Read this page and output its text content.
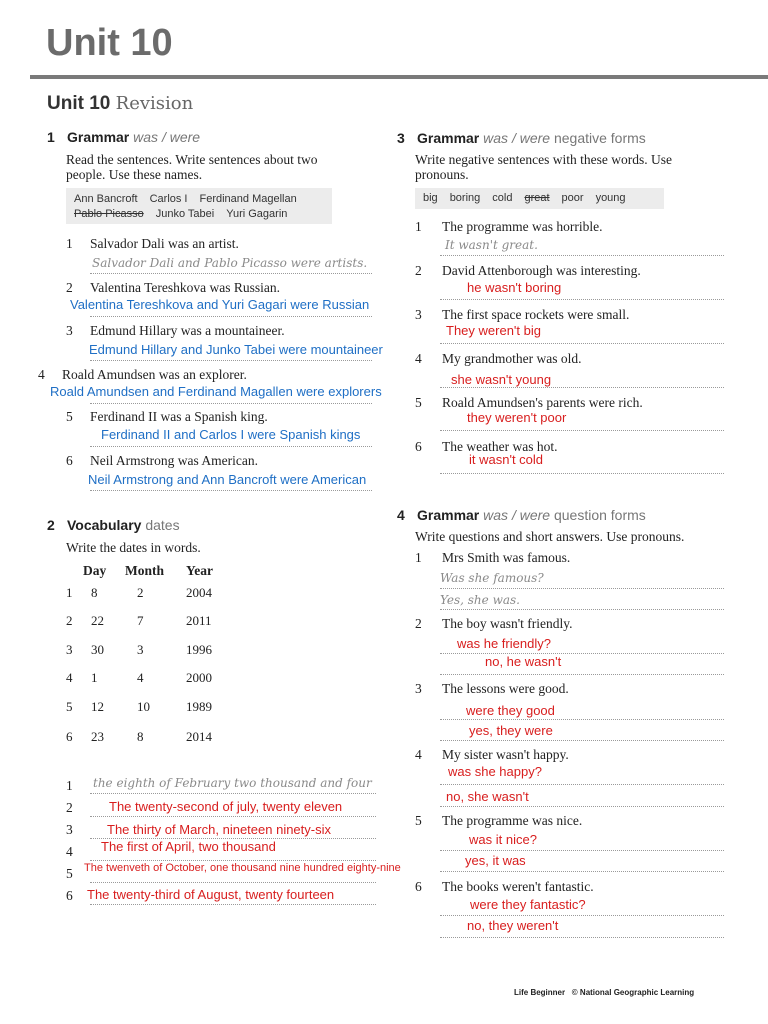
Unit 10
Unit 10 Revision
1 Grammar was / were
Read the sentences. Write sentences about two
people. Use these names.
Ann Bancroft Carlos I Ferdinand Magellan
Pablo Picasso Junko Tabei Yuri Gagarin
1	Salvador Dali was an artist.
Salvador Dali and Pablo Picasso were artists.
2	Valentina Tereshkova was Russian.
Valentina Tereshkova and Yuri Gagari were Russian
3	Edmund Hillary was a mountaineer.
Edmund Hillary and Junko Tabei were mountaineer
4	Roald Amundsen was an explorer.
Roald Amundsen and Ferdinand Magallen were explorers
5	Ferdinand II was a Spanish king.
Ferdinand II and Carlos I were Spanish kings
6	Neil Armstrong was American.
Neil Armstrong and Ann Bancroft were American
2 Vocabulary dates
Write the dates in words.
Day Month Year
1 8	2	2004
2 22	7	2011
3 30	3	1996
4 1	4	2000
5 12	10	1989
6 23	8	2014
1	the eighth of February two thousand and four
2	The twenty-second of july, twenty eleven
3	The thirty of March, nineteen ninety-six
4	The first of April, two thousand
5	The twenveth of October, one thousand nine hundred eighty-nine
6	The twenty-third of August, twenty fourteen
3 Grammar was / were negative forms
Write negative sentences with these words. Use
pronouns.
big boring cold great poor young
1	The programme was horrible.
It wasn't great.
2	David Attenborough was interesting.
he wasn't boring
3	The first space rockets were small.
They weren't big
4	My grandmother was old.
she wasn't young
5	Roald Amundsen's parents were rich.
they weren't poor
6	The weather was hot.
it wasn't cold
4 Grammar was / were question forms
Write questions and short answers. Use pronouns.
1	Mrs Smith was famous.
Was she famous?
Yes, she was.
2	The boy wasn't friendly.
was he friendly?
no, he wasn't
3	The lessons were good.
were they good
yes, they were
4	My sister wasn't happy.
was she happy?
no, she wasn't
5	The programme was nice.
was it nice?
yes, it was
6	The books weren't fantastic.
were they fantastic?
no, they weren't
Life Beginner © National Geographic Learning
